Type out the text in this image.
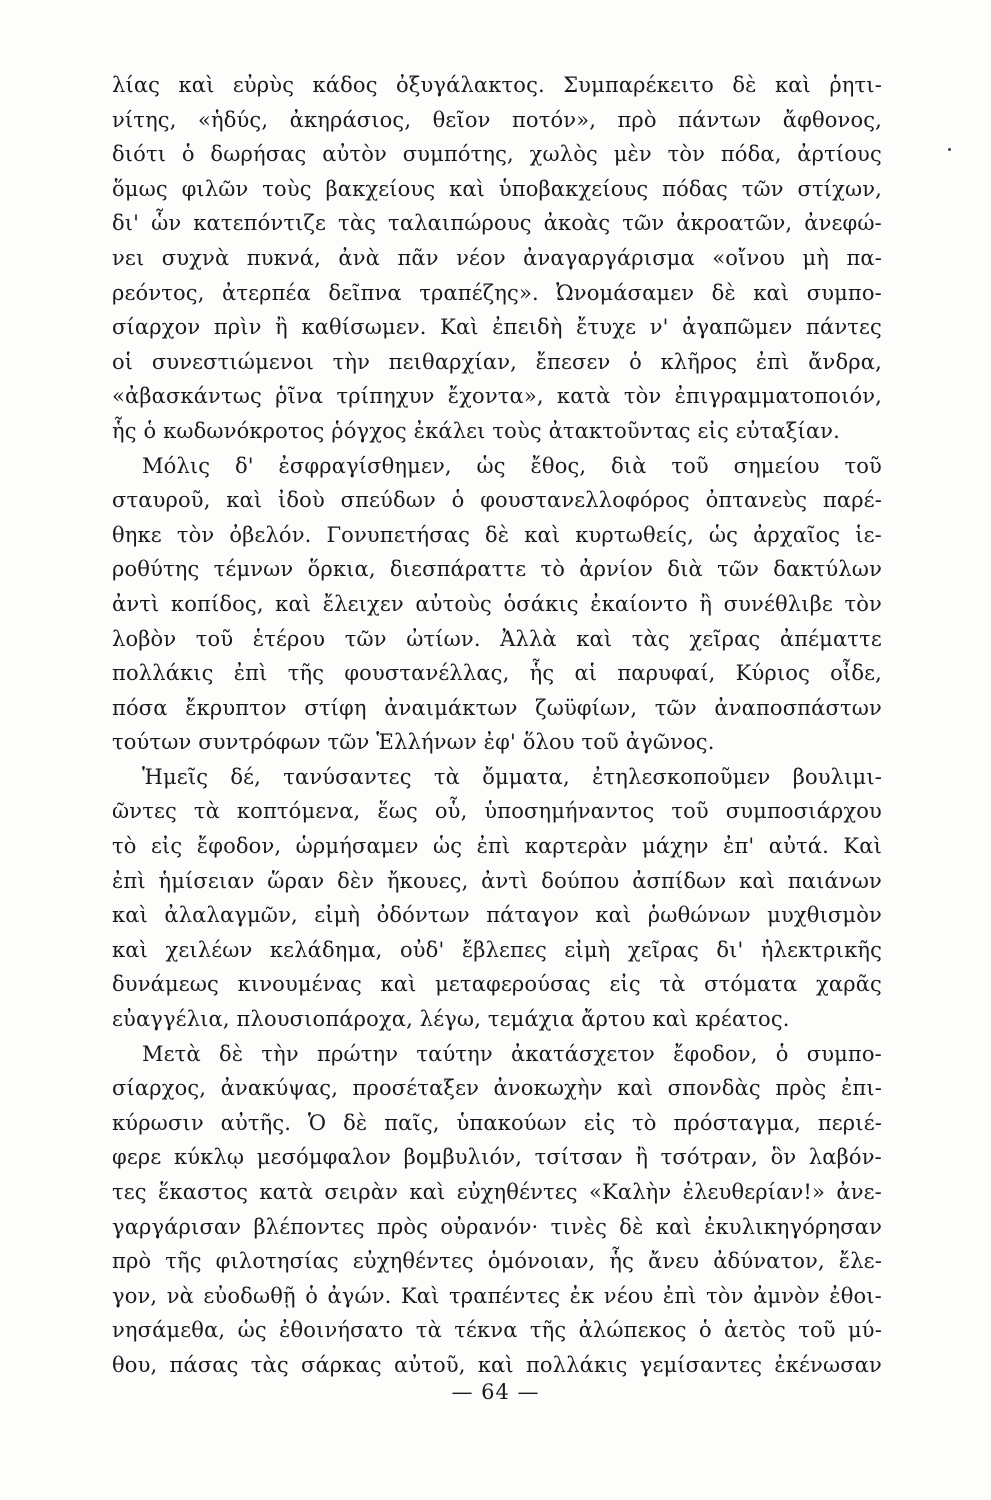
λίας καὶ εὐρὺς κάδος ὀξυγάλακτος. Συμπαρέκειτο δὲ καὶ ῥητι-
νίτης, «ἡδύς, ἀκηράσιος, θεῖον ποτόν», πρὸ πάντων ἄφθονος,
διότι ὁ δωρήσας αὐτὸν συμπότης, χωλὸς μὲν τὸν πόδα, ἀρτίους
ὅμως φιλῶν τοὺς βακχείους καὶ ὑποβακχείους πόδας τῶν στίχων,
δι' ὧν κατεπόντιζε τὰς ταλαιπώρους ἀκοὰς τῶν ἀκροατῶν, ἀνεφώ-
νει συχνὰ πυκνά, ἀνὰ πᾶν νέον ἀναγαργάρισμα «οἴνου μὴ πα-
ρεόντος, ἀτερπέα δεῖπνα τραπέζης». Ὠνομάσαμεν δὲ καὶ συμπο-
σίαρχον πρὶν ἢ καθίσωμεν. Καὶ ἐπειδὴ ἔτυχε ν' ἀγαπῶμεν πάντες
οἱ συνεστιώμενοι τὴν πειθαρχίαν, ἔπεσεν ὁ κλῆρος ἐπὶ ἄνδρα,
«ἀβασκάντως ῥῖνα τρίπηχυν ἔχοντα», κατὰ τὸν ἐπιγραμματοποιόν,
ἧς ὁ κωδωνόκροτος ῥόγχος ἐκάλει τοὺς ἀτακτοῦντας εἰς εὐταξίαν.
Μόλις δ' ἐσφραγίσθημεν, ὡς ἔθος, διὰ τοῦ σημείου τοῦ
σταυροῦ, καὶ ἰδοὺ σπεύδων ὁ φουστανελλοφόρος ὀπτανεὺς παρέ-
θηκε τὸν ὀβελόν. Γονυπετήσας δὲ καὶ κυρτωθείς, ὡς ἀρχαῖος ἱε-
ροθύτης τέμνων ὅρκια, διεσπάραττε τὸ ἀρνίον διὰ τῶν δακτύλων
ἀντὶ κοπίδος, καὶ ἔλειχεν αὐτοὺς ὁσάκις ἐκαίοντο ἢ συνέθλιβε τὸν
λοβὸν τοῦ ἑτέρου τῶν ὠτίων. Ἀλλὰ καὶ τὰς χεῖρας ἀπέματτε
πολλάκις ἐπὶ τῆς φουστανέλλας, ἧς αἱ παρυφαί, Κύριος οἶδε,
πόσα ἔκρυπτον στίφη ἀναιμάκτων ζωϋφίων, τῶν ἀναποσπάστων
τούτων συντρόφων τῶν Ἑλλήνων ἐφ' ὅλου τοῦ ἀγῶνος.
Ἡμεῖς δέ, τανύσαντες τὰ ὄμματα, ἐτηλεσκοποῦμεν βουλιμι-
ῶντες τὰ κοπτόμενα, ἕως οὗ, ὑποσημήναντος τοῦ συμποσιάρχου
τὸ εἰς ἔφοδον, ὡρμήσαμεν ὡς ἐπὶ καρτερὰν μάχην ἐπ' αὐτά. Καὶ
ἐπὶ ἡμίσειαν ὥραν δὲν ἤκουες, ἀντὶ δούπου ἀσπίδων καὶ παιάνων
καὶ ἀλαλαγμῶν, εἰμὴ ὀδόντων πάταγον καὶ ῥωθώνων μυχθισμὸν
καὶ χειλέων κελάδημα, οὐδ' ἔβλεπες εἰμὴ χεῖρας δι' ἠλεκτρικῆς
δυνάμεως κινουμένας καὶ μεταφερούσας εἰς τὰ στόματα χαρᾶς
εὐαγγέλια, πλουσιοπάροχα, λέγω, τεμάχια ἄρτου καὶ κρέατος.
Μετὰ δὲ τὴν πρώτην ταύτην ἀκατάσχετον ἔφοδον, ὁ συμπο-
σίαρχος, ἀνακύψας, προσέταξεν ἀνοκωχὴν καὶ σπονδὰς πρὸς ἐπι-
κύρωσιν αὐτῆς. Ὁ δὲ παῖς, ὑπακούων εἰς τὸ πρόσταγμα, περιέ-
φερε κύκλῳ μεσόμφαλον βομβυλιόν, τσίτσαν ἢ τσότραν, ὃν λαβόν-
τες ἕκαστος κατὰ σειρὰν καὶ εὐχηθέντες «Καλὴν ἐλευθερίαν!» ἀνε-
γαργάρισαν βλέποντες πρὸς οὐρανόν· τινὲς δὲ καὶ ἐκυλικηγόρησαν
πρὸ τῆς φιλοτησίας εὐχηθέντες ὁμόνοιαν, ἧς ἄνευ ἀδύνατον, ἔλε-
γον, νὰ εὐοδωθῇ ὁ ἀγών. Καὶ τραπέντες ἐκ νέου ἐπὶ τὸν ἀμνὸν ἐθοι-
νησάμεθα, ὡς ἐθοινήσατο τὰ τέκνα τῆς ἀλώπεκος ὁ ἀετὸς τοῦ μύ-
θου, πάσας τὰς σάρκας αὐτοῦ, καὶ πολλάκις γεμίσαντες ἐκένωσαν
— 64 —
